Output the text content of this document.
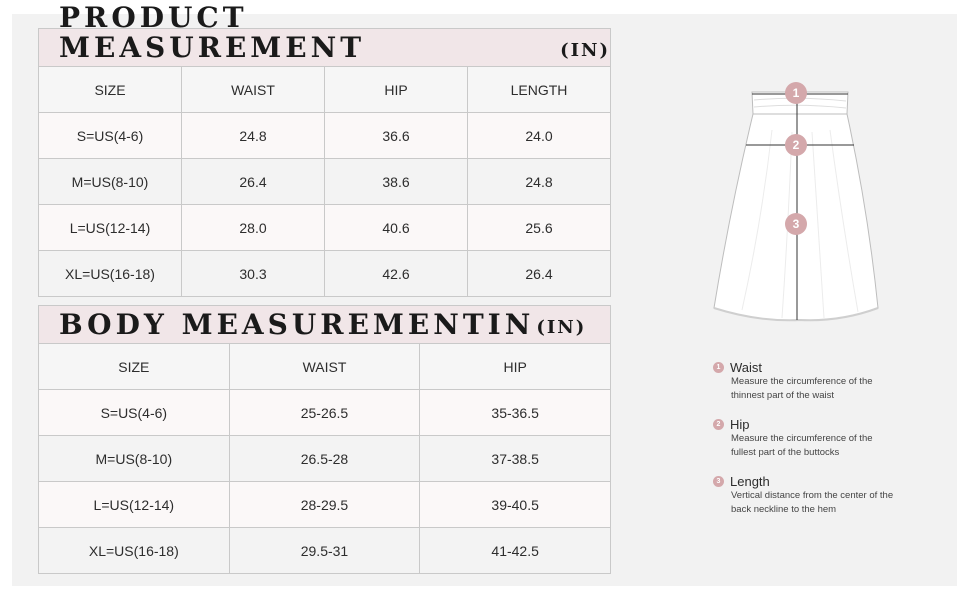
PRODUCT MEASUREMENT	(IN)
SIZE	WAIST	HIP	LENGTH
S=US(4-6)	24.8	36.6	24.0
M=US(8-10)	26.4	38.6	24.8
L=US(12-14)	28.0	40.6	25.6
XL=US(16-18)	30.3	42.6	26.4
BODY MEASUREMENTIN (IN)
SIZE	WAIST	HIP
S=US(4-6)	25-26.5	35-36.5
M=US(8-10)	26.5-28	37-38.5
L=US(12-14)	28-29.5	39-40.5
XL=US(16-18)	29.5-31	41-42.5
1
2
3
1 Waist
Measure the circumference of the
thinnest part of the waist
2 Hip
Measure the circumference of the
fullest part of the buttocks
3 Length
Vertical distance from the center of the
back neckline to the hem
